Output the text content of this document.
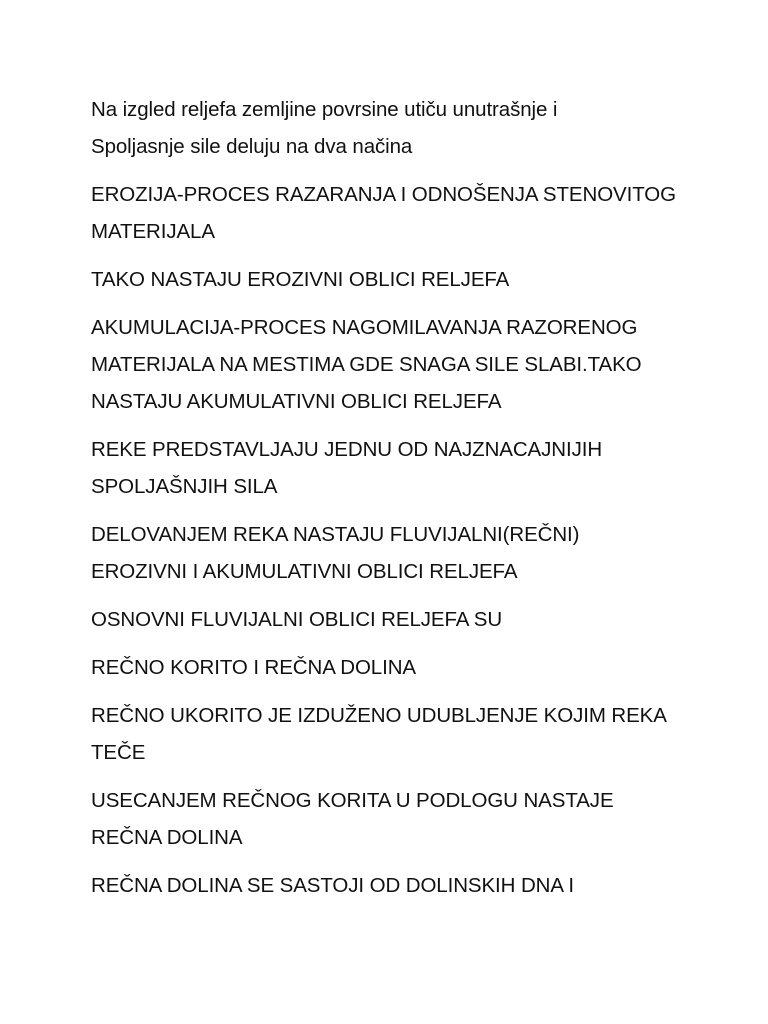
Na izgled reljefa zemljine povrsine utiču unutrašnje i
Spoljasnje sile deluju na dva načina

EROZIJA-PROCES RAZARANJA I ODNOŠENJA STENOVITOG
MATERIJALA

TAKO NASTAJU EROZIVNI OBLICI RELJEFA

AKUMULACIJA-PROCES NAGOMILAVANJA RAZORENOG
MATERIJALA NA MESTIMA GDE SNAGA SILE SLABI.TAKO
NASTAJU AKUMULATIVNI OBLICI RELJEFA

REKE PREDSTAVLJAJU JEDNU OD NAJZNACAJNIJIH
SPOLJAŠNJIH SILA

DELOVANJEM REKA NASTAJU FLUVIJALNI(REČNI)
EROZIVNI I AKUMULATIVNI OBLICI RELJEFA

OSNOVNI FLUVIJALNI OBLICI RELJEFA SU

REČNO KORITO I REČNA DOLINA

REČNO UKORITO JE IZDUŽENO UDUBLJENJE KOJIM REKA
TEČE

USECANJEM REČNOG KORITA U PODLOGU NASTAJE
REČNA DOLINA

REČNA DOLINA SE SASTOJI OD DOLINSKIH DNA I
